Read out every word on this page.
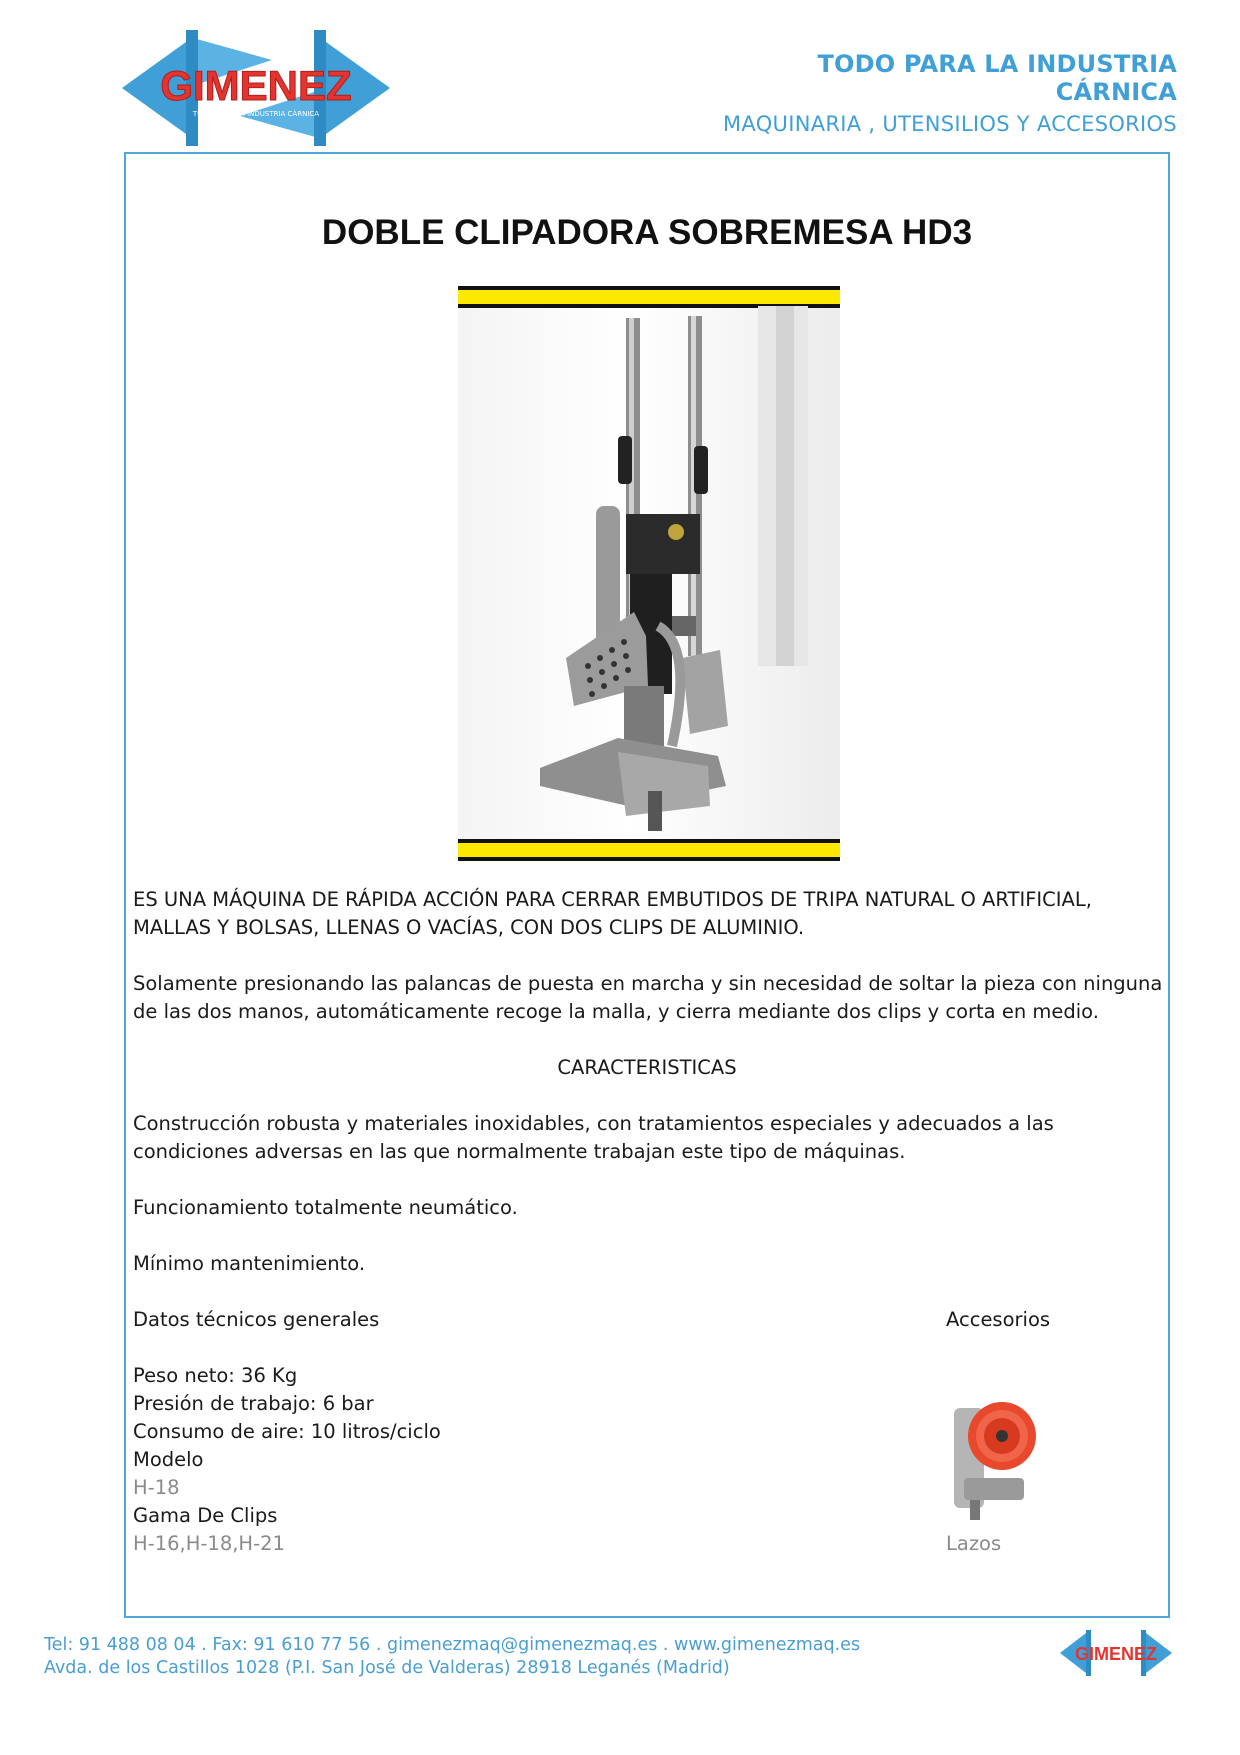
GIMENEZ
TODO PARA LA INDUSTRIA CÁRNICA
TODO PARA LA INDUSTRIA CÁRNICA
MAQUINARIA , UTENSILIOS Y ACCESORIOS
DOBLE CLIPADORA SOBREMESA HD3
ES UNA MÁQUINA DE RÁPIDA ACCIÓN PARA CERRAR EMBUTIDOS DE TRIPA NATURAL O ARTIFICIAL, MALLAS Y BOLSAS, LLENAS O VACÍAS, CON DOS CLIPS DE ALUMINIO.
Solamente presionando las palancas de puesta en marcha y sin necesidad de soltar la pieza con ninguna de las dos manos, automáticamente recoge la malla, y cierra mediante dos clips y corta en medio.
CARACTERISTICAS
Construcción robusta y materiales inoxidables, con tratamientos especiales y adecuados a las condiciones adversas en las que normalmente trabajan este tipo de máquinas.
Funcionamiento totalmente neumático.
Mínimo mantenimiento.
Datos técnicos generales
Peso neto: 36 Kg
Presión de trabajo: 6 bar
Consumo de aire: 10 litros/ciclo
Modelo
H-18
Gama De Clips
H-16,H-18,H-21
Accesorios
Lazos
Tel: 91 488 08 04 . Fax: 91 610 77 56 . gimenezmaq@gimenezmaq.es . www.gimenezmaq.es
Avda. de los Castillos 1028 (P.I. San José de Valderas) 28918 Leganés (Madrid)
GIMENEZ
